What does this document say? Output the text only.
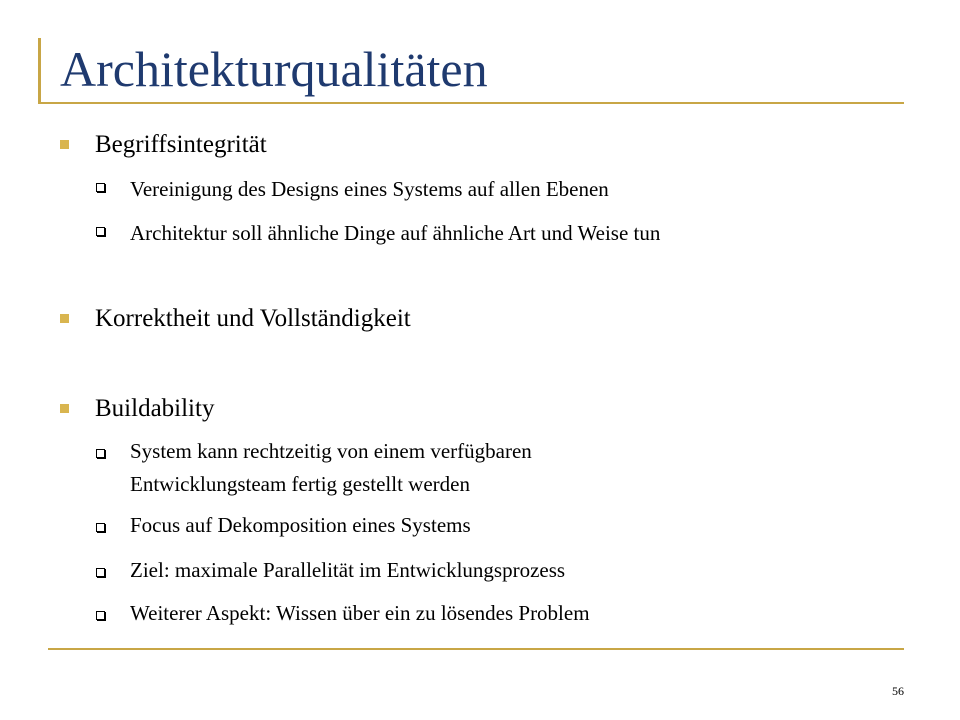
Architekturqualitäten
Begriffsintegrität
Vereinigung des Designs eines Systems auf allen Ebenen
Architektur soll ähnliche Dinge auf ähnliche Art und Weise tun
Korrektheit und Vollständigkeit
Buildability
System kann rechtzeitig von einem verfügbaren
Entwicklungsteam fertig gestellt werden
Focus auf Dekomposition eines Systems
Ziel: maximale Parallelität im Entwicklungsprozess
Weiterer Aspekt: Wissen über ein zu lösendes Problem
56
